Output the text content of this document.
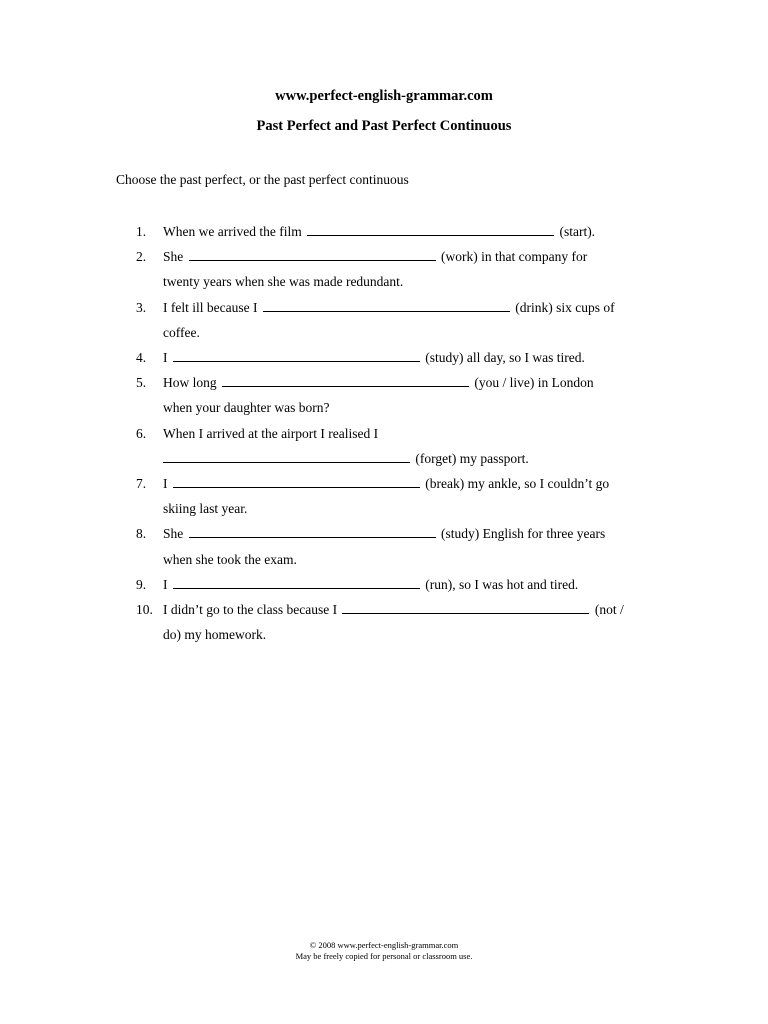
www.perfect-english-grammar.com
Past Perfect and Past Perfect Continuous
Choose the past perfect, or the past perfect continuous
1.	When we arrived the film	(start).
2.	She	(work) in that company for
twenty years when she was made redundant.
3.	I felt ill because I	(drink) six cups of
coffee.
4.	I	(study) all day, so I was tired.
5.	How long	(you / live) in London
when your daughter was born?
6.	When I arrived at the airport I realised I
(forget) my passport.
7.	I	(break) my ankle, so I couldn’t go
skiing last year.
8.	She	(study) English for three years
when she took the exam.
9.	I	(run), so I was hot and tired.
10. I didn’t go to the class because I	(not /
do) my homework.
© 2008 www.perfect-english-grammar.com
May be freely copied for personal or classroom use.
